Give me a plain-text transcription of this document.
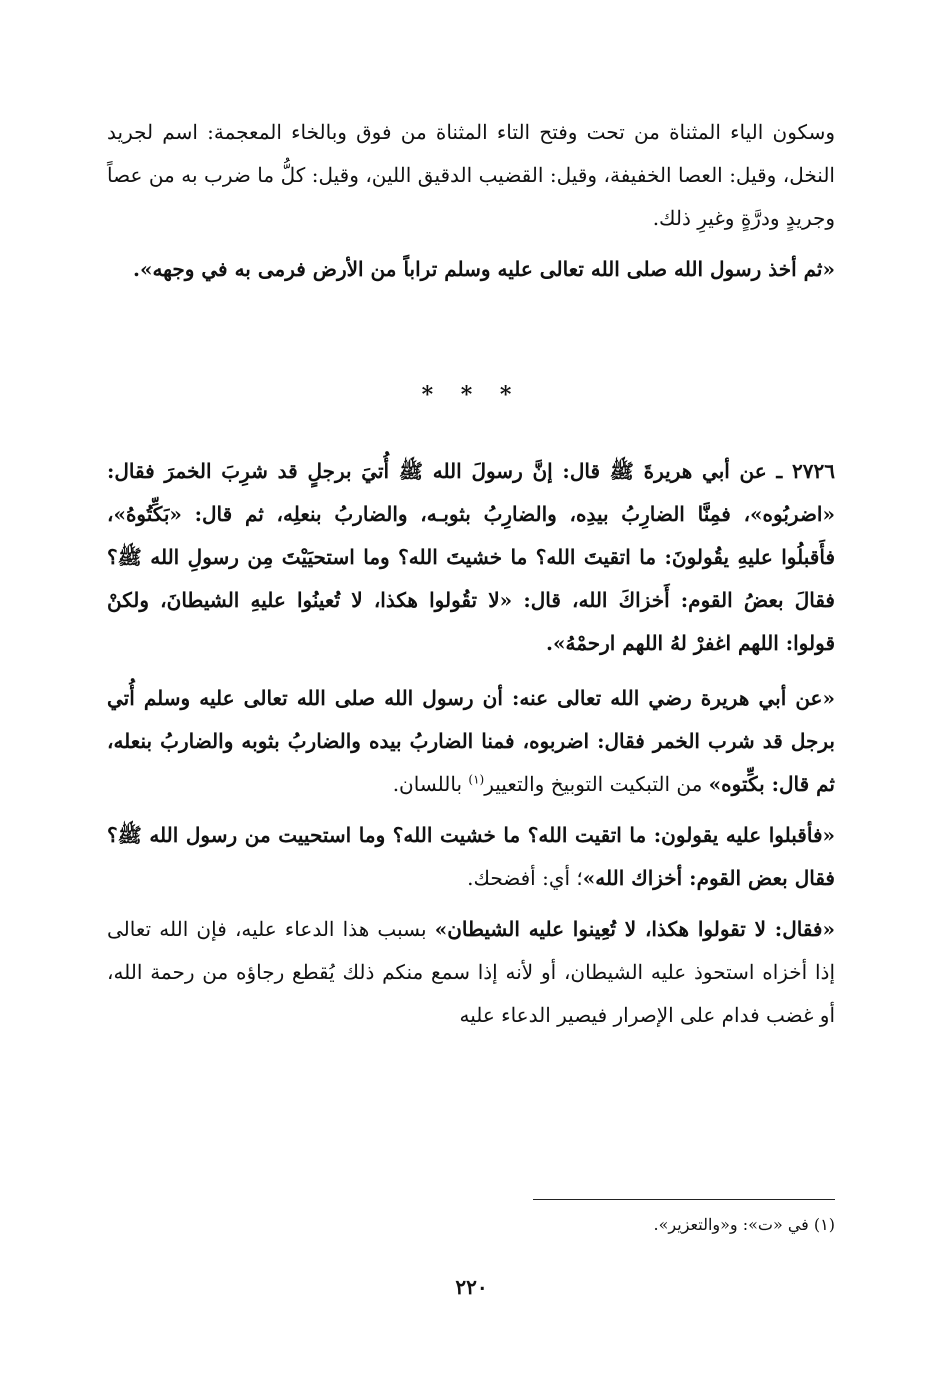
وسكون الياء المثناة من تحت وفتح التاء المثناة من فوق وبالخاء المعجمة: اسم لجريد النخل، وقيل: العصا الخفيفة، وقيل: القضيب الدقيق اللين، وقيل: كلُّ ما ضرب به من عصاً وجريدٍ ودرَّةٍ وغيرِ ذلك.

«ثم أخذ رسول الله صلى الله تعالى عليه وسلم تراباً من الأرض فرمى به في وجهه».

* * *

٢٧٢٦ ـ عن أبي هريرةَ ﷺ قال: إنَّ رسولَ الله ﷺ أُتيَ برجلٍ قد شرِبَ الخمرَ فقال: «اضربُوه»، فمِنَّا الضارِبُ بيدِه، والضارِبُ بثوبـه، والضاربُ بنعلِه، ثم قال: «بَكِّتُوهُ»، فأَقبلُوا عليهِ يقُولونَ: ما اتقيتَ الله؟ ما خشيتَ الله؟ وما استحيَيْتَ مِن رسولِ الله ﷺ؟ فقالَ بعضُ القوم: أَخزاكَ الله، قال: «لا تقُولوا هكذا، لا تُعينُوا عليهِ الشيطانَ، ولكنْ قولوا: اللهم اغفرْ لهُ اللهم ارحمْهُ».

«عن أبي هريرة رضي الله تعالى عنه: أن رسول الله صلى الله تعالى عليه وسلم أُتي برجل قد شرب الخمر فقال: اضربوه، فمنا الضاربُ بيده والضاربُ بثوبه والضاربُ بنعله، ثم قال: بكِّتوه» من التبكيت التوبيخ والتعيير$^{(١)}$ باللسان.

«فأقبلوا عليه يقولون: ما اتقيت الله؟ ما خشيت الله؟ وما استحييت من رسول الله ﷺ؟ فقال بعض القوم: أخزاك الله»؛ أي: أفضحك.

«فقال: لا تقولوا هكذا، لا تُعِينوا عليه الشيطان» بسبب هذا الدعاء عليه، فإن الله تعالى إذا أخزاه استحوذ عليه الشيطان، أو لأنه إذا سمع منكم ذلك يُقطع رجاؤه من رحمة الله، أو غضب فدام على الإصرار فيصير الدعاء عليه

(١) في «ت»: و«والتعزير».
٢٢٠
